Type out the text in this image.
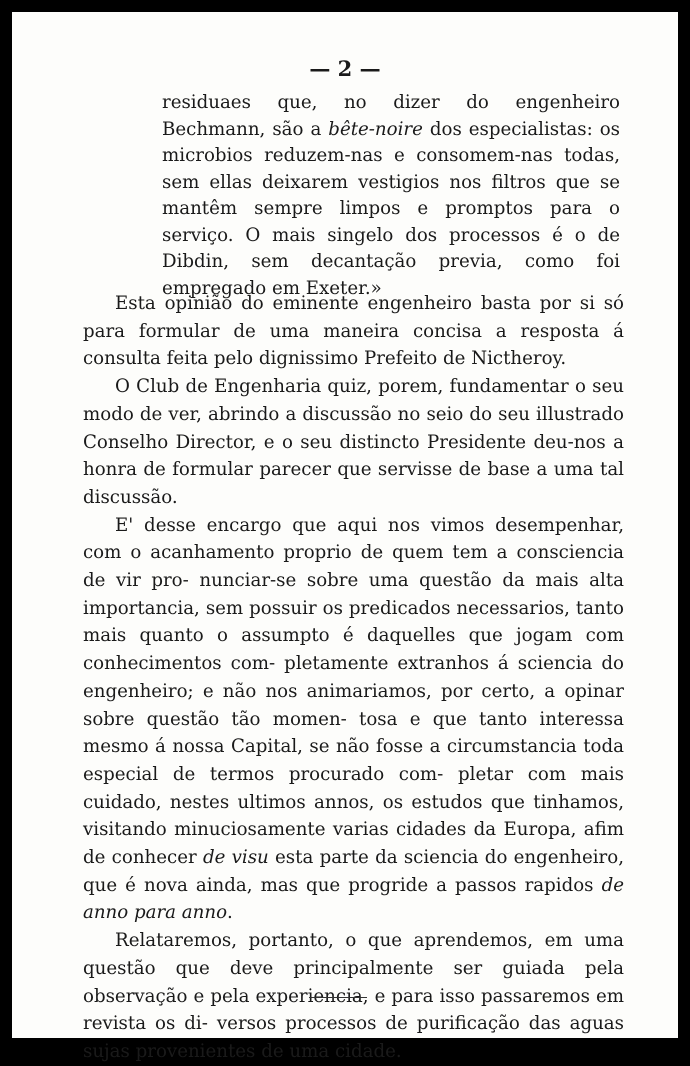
— 2 —
residuaes que, no dizer do engenheiro Bechmann, são a bête-noire dos especialistas: os microbios reduzem-nas e consomem-nas todas, sem ellas deixarem vestigios nos filtros que se mantêm sempre limpos e promptos para o serviço. O mais singelo dos processos é o de Dibdin, sem decantação previa, como foi empregado em Exeter.»

Esta opinião do eminente engenheiro basta por si só para formular de uma maneira concisa a resposta á consulta feita pelo dignissimo Prefeito de Nictheroy.

O Club de Engenharia quiz, porem, fundamentar o seu modo de ver, abrindo a discussão no seio do seu illustrado Conselho Director, e o seu distincto Presidente deu-nos a honra de formular parecer que servisse de base a uma tal discussão.

E' desse encargo que aqui nos vimos desempenhar, com o acanhamento proprio de quem tem a consciencia de vir pro- nunciar-se sobre uma questão da mais alta importancia, sem possuir os predicados necessarios, tanto mais quanto o assumpto é daquelles que jogam com conhecimentos com- pletamente extranhos á sciencia do engenheiro; e não nos animariamos, por certo, a opinar sobre questão tão momen- tosa e que tanto interessa mesmo á nossa Capital, se não fosse a circumstancia toda especial de termos procurado com- pletar com mais cuidado, nestes ultimos annos, os estudos que tinhamos, visitando minuciosamente varias cidades da Europa, afim de conhecer de visu esta parte da sciencia do engenheiro, que é nova ainda, mas que progride a passos rapidos de anno para anno.

Relataremos, portanto, o que aprendemos, em uma questão que deve principalmente ser guiada pela observação e pela experiencia, e para isso passaremos em revista os di- versos processos de purificação das aguas sujas provenientes de uma cidade.
